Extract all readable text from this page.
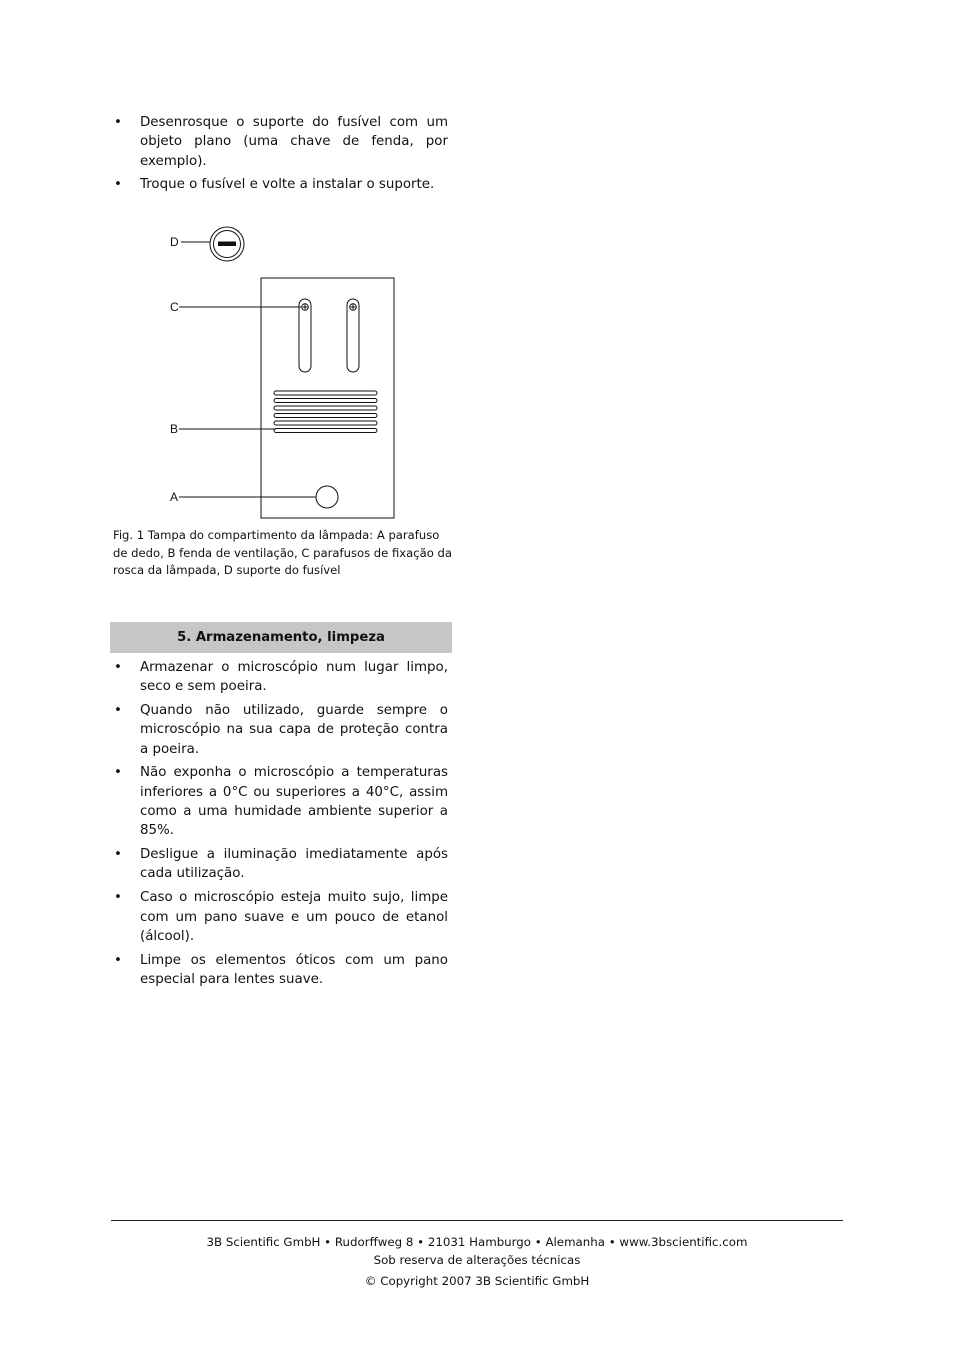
• Desenrosque o suporte do fusível com um objeto plano (uma chave de fenda, por exemplo).
• Troque o fusível e volte a instalar o suporte.
D
C
B
A
Fig. 1 Tampa do compartimento da lâmpada: A parafuso de dedo, B fenda de ventilação, C parafusos de fixação da rosca da lâmpada, D suporte do fusível
5. Armazenamento, limpeza
• Armazenar o microscópio num lugar limpo, seco e sem poeira.
• Quando não utilizado, guarde sempre o microscópio na sua capa de proteção contra a poeira.
• Não exponha o microscópio a temperaturas inferiores a 0°C ou superiores a 40°C, assim como a uma humidade ambiente superior a 85%.
• Desligue a iluminação imediatamente após cada utilização.
• Caso o microscópio esteja muito sujo, limpe com um pano suave e um pouco de etanol (álcool).
• Limpe os elementos óticos com um pano especial para lentes suave.
3B Scientific GmbH • Rudorffweg 8 • 21031 Hamburgo • Alemanha • www.3bscientific.com
Sob reserva de alterações técnicas
© Copyright 2007 3B Scientific GmbH
